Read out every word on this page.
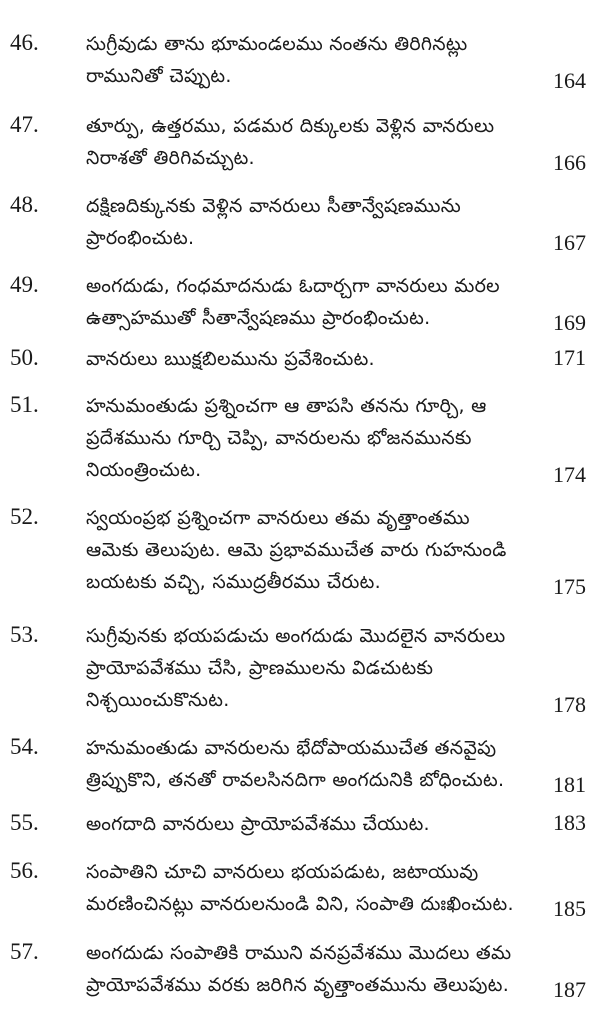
46.	సుగ్రీవుడు తాను భూమండలము నంతను తిరిగినట్లు రామునితో చెప్పుట.	164
47.	తూర్పు, ఉత్తరము, పడమర దిక్కులకు వెళ్లిన వానరులు నిరాశతో తిరిగివచ్చుట.	166
48.	దక్షిణదిక్కునకు వెళ్లిన వానరులు సీతాన్వేషణమును ప్రారంభించుట.	167
49.	అంగదుడు, గంధమాదనుడు ఓదార్చగా వానరులు మరల ఉత్సాహముతో సీతాన్వేషణము ప్రారంభించుట.	169
50.	వానరులు ఋక్షబిలమును ప్రవేశించుట.	171
51.	హనుమంతుడు ప్రశ్నించగా ఆ తాపసి తనను గూర్చి, ఆ ప్రదేశమును గూర్చి చెప్పి, వానరులను భోజనమునకు నియంత్రించుట.	174
52.	స్వయంప్రభ ప్రశ్నించగా వానరులు తమ వృత్తాంతము ఆమెకు తెలుపుట. ఆమె ప్రభావముచేత వారు గుహనుండి బయటకు వచ్చి, సముద్రతీరము చేరుట.	175
53.	సుగ్రీవునకు భయపడుచు అంగదుడు మొదలైన వానరులు ప్రాయోపవేశము చేసి, ప్రాణములను విడచుటకు నిశ్చయించుకొనుట.	178
54.	హనుమంతుడు వానరులను భేదోపాయముచేత తనవైపు త్రిప్పుకొని, తనతో రావలసినదిగా అంగదునికి బోధించుట.	181
55.	అంగదాది వానరులు ప్రాయోపవేశము చేయుట.	183
56.	సంపాతిని చూచి వానరులు భయపడుట, జటాయువు మరణించినట్లు వానరులనుండి విని, సంపాతి దుఃఖించుట.	185
57.	అంగదుడు సంపాతికి రాముని వనప్రవేశము మొదలు తమ ప్రాయోపవేశము వరకు జరిగిన వృత్తాంతమును తెలుపుట.	187
